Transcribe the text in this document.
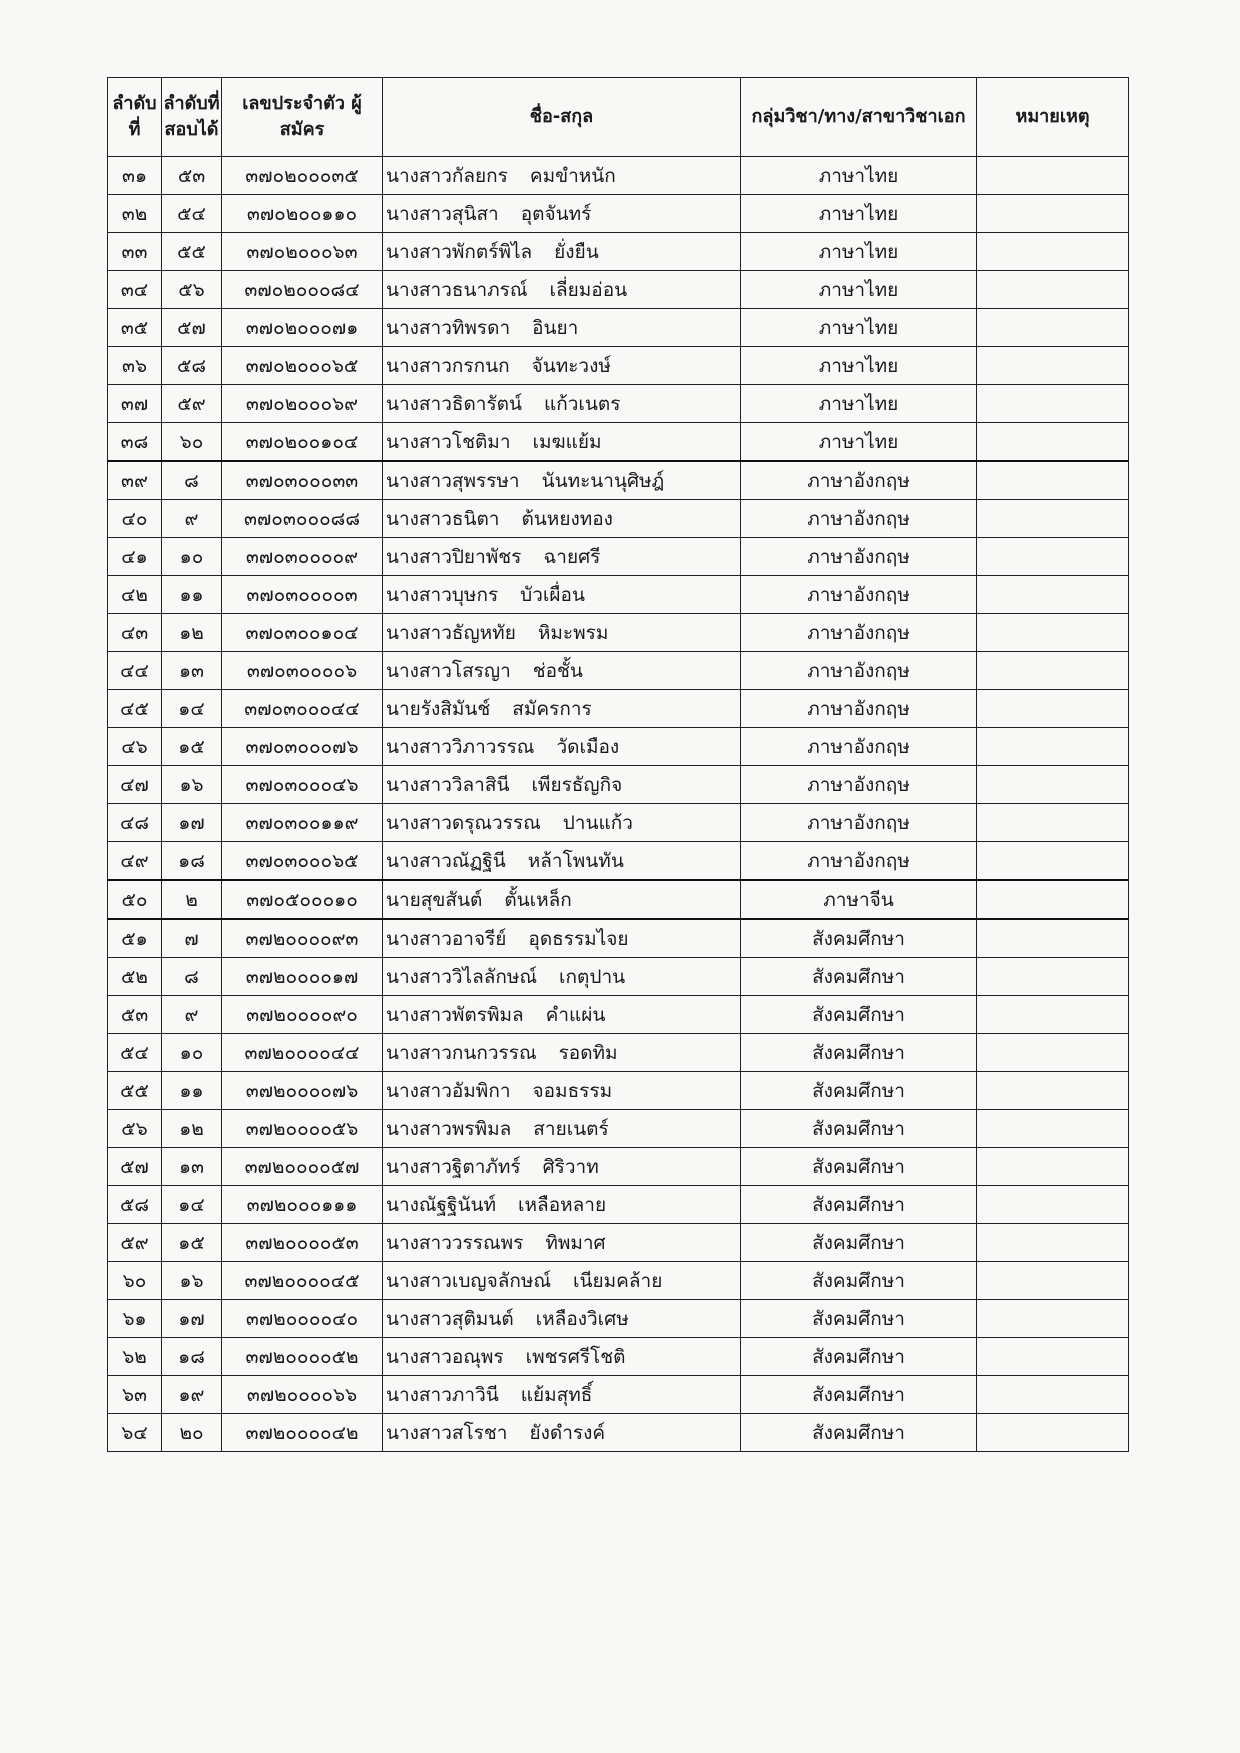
ลำดับที่	ลำดับที่ สอบได้	เลขประจำตัว ผู้สมัคร	ชื่อ-สกุล	กลุ่มวิชา/ทาง/สาขาวิชาเอก	หมายเหตุ

๓๑	๕๓	๓๗๐๒๐๐๐๓๕	นางสาวกัลยกร คมขำหนัก	ภาษาไทย	
๓๒	๕๔	๓๗๐๒๐๐๑๑๐	นางสาวสุนิสา อุตจันทร์	ภาษาไทย	
๓๓	๕๕	๓๗๐๒๐๐๐๖๓	นางสาวพักตร์พิไล ยั่งยืน	ภาษาไทย	
๓๔	๕๖	๓๗๐๒๐๐๐๘๔	นางสาวธนาภรณ์ เลี่ยมอ่อน	ภาษาไทย	
๓๕	๕๗	๓๗๐๒๐๐๐๗๑	นางสาวทิพรดา อินยา	ภาษาไทย	
๓๖	๕๘	๓๗๐๒๐๐๐๖๕	นางสาวกรกนก จันทะวงษ์	ภาษาไทย	
๓๗	๕๙	๓๗๐๒๐๐๐๖๙	นางสาวธิดารัตน์ แก้วเนตร	ภาษาไทย	
๓๘	๖๐	๓๗๐๒๐๐๑๐๔	นางสาวโชติมา เมฆแย้ม	ภาษาไทย	
๓๙	๘	๓๗๐๓๐๐๐๓๓	นางสาวสุพรรษา นันทะนานุศิษฎ์	ภาษาอังกฤษ	
๔๐	๙	๓๗๐๓๐๐๐๘๘	นางสาวธนิตา ต้นหยงทอง	ภาษาอังกฤษ	
๔๑	๑๐	๓๗๐๓๐๐๐๐๙	นางสาวปิยาพัชร ฉายศรี	ภาษาอังกฤษ	
๔๒	๑๑	๓๗๐๓๐๐๐๐๓	นางสาวบุษกร บัวเผื่อน	ภาษาอังกฤษ	
๔๓	๑๒	๓๗๐๓๐๐๑๐๔	นางสาวธัญหทัย หิมะพรม	ภาษาอังกฤษ	
๔๔	๑๓	๓๗๐๓๐๐๐๐๖	นางสาวโสรญา ช่อชั้น	ภาษาอังกฤษ	
๔๕	๑๔	๓๗๐๓๐๐๐๔๔	นายรังสิมันช์ สมัครการ	ภาษาอังกฤษ	
๔๖	๑๕	๓๗๐๓๐๐๐๗๖	นางสาววิภาวรรณ วัดเมือง	ภาษาอังกฤษ	
๔๗	๑๖	๓๗๐๓๐๐๐๔๖	นางสาววิลาสินี เพียรธัญกิจ	ภาษาอังกฤษ	
๔๘	๑๗	๓๗๐๓๐๐๑๑๙	นางสาวดรุณวรรณ ปานแก้ว	ภาษาอังกฤษ	
๔๙	๑๘	๓๗๐๓๐๐๐๖๕	นางสาวณัฏฐินี หล้าโพนทัน	ภาษาอังกฤษ	
๕๐	๒	๓๗๐๕๐๐๐๑๐	นายสุขสันต์ ตั้นเหล็ก	ภาษาจีน	
๕๑	๗	๓๗๒๐๐๐๐๙๓	นางสาวอาจรีย์ อุดธรรมไจย	สังคมศึกษา	
๕๒	๘	๓๗๒๐๐๐๐๑๗	นางสาววิไลลักษณ์ เกตุปาน	สังคมศึกษา	
๕๓	๙	๓๗๒๐๐๐๐๙๐	นางสาวพัตรพิมล คำแผ่น	สังคมศึกษา	
๕๔	๑๐	๓๗๒๐๐๐๐๔๔	นางสาวกนกวรรณ รอดทิม	สังคมศึกษา	
๕๕	๑๑	๓๗๒๐๐๐๐๗๖	นางสาวอัมพิกา จอมธรรม	สังคมศึกษา	
๕๖	๑๒	๓๗๒๐๐๐๐๕๖	นางสาวพรพิมล สายเนตร์	สังคมศึกษา	
๕๗	๑๓	๓๗๒๐๐๐๐๕๗	นางสาวฐิตาภัทร์ ศิริวาท	สังคมศึกษา	
๕๘	๑๔	๓๗๒๐๐๐๑๑๑	นางณัฐฐินันท์ เหลือหลาย	สังคมศึกษา	
๕๙	๑๕	๓๗๒๐๐๐๐๕๓	นางสาววรรณพร ทิพมาศ	สังคมศึกษา	
๖๐	๑๖	๓๗๒๐๐๐๐๔๕	นางสาวเบญจลักษณ์ เนียมคล้าย	สังคมศึกษา	
๖๑	๑๗	๓๗๒๐๐๐๐๔๐	นางสาวสุติมนต์ เหลืองวิเศษ	สังคมศึกษา	
๖๒	๑๘	๓๗๒๐๐๐๐๕๒	นางสาวอณุพร เพชรศรีโชติ	สังคมศึกษา	
๖๓	๑๙	๓๗๒๐๐๐๐๖๖	นางสาวภาวินี แย้มสุทธิ์	สังคมศึกษา	
๖๔	๒๐	๓๗๒๐๐๐๐๔๒	นางสาวสโรชา ยังดำรงค์	สังคมศึกษา	
